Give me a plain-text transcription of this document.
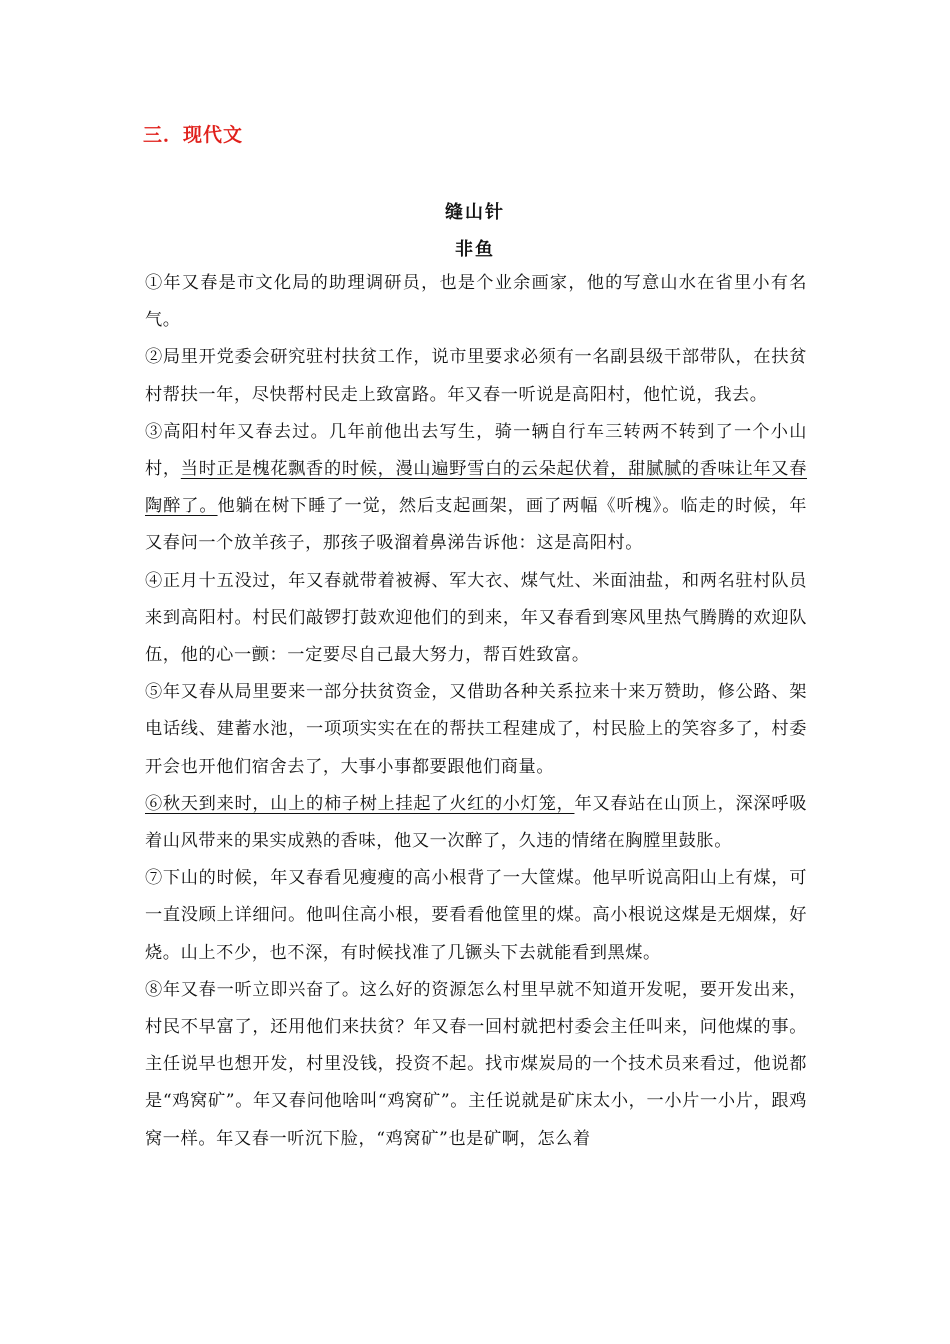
三．现代文
缝山针
非鱼

①年又春是市文化局的助理调研员，也是个业余画家，他的写意山水在省里小有名气。

②局里开党委会研究驻村扶贫工作，说市里要求必须有一名副县级干部带队，在扶贫村帮扶一年，尽快帮村民走上致富路。年又春一听说是高阳村，他忙说，我去。

③高阳村年又春去过。几年前他出去写生，骑一辆自行车三转两不转到了一个小山村，当时正是槐花飘香的时候，漫山遍野雪白的云朵起伏着，甜腻腻的香味让年又春陶醉了。他躺在树下睡了一觉，然后支起画架，画了两幅《听槐》。临走的时候，年又春问一个放羊孩子，那孩子吸溜着鼻涕告诉他：这是高阳村。

④正月十五没过，年又春就带着被褥、军大衣、煤气灶、米面油盐，和两名驻村队员来到高阳村。村民们敲锣打鼓欢迎他们的到来，年又春看到寒风里热气腾腾的欢迎队伍，他的心一颤：一定要尽自己最大努力，帮百姓致富。

⑤年又春从局里要来一部分扶贫资金，又借助各种关系拉来十来万赞助，修公路、架电话线、建蓄水池，一项项实实在在的帮扶工程建成了，村民脸上的笑容多了，村委开会也开他们宿舍去了，大事小事都要跟他们商量。

⑥秋天到来时，山上的柿子树上挂起了火红的小灯笼，年又春站在山顶上，深深呼吸着山风带来的果实成熟的香味，他又一次醉了，久违的情绪在胸膛里鼓胀。

⑦下山的时候，年又春看见瘦瘦的高小根背了一大筐煤。他早听说高阳山上有煤，可一直没顾上详细问。他叫住高小根，要看看他筐里的煤。高小根说这煤是无烟煤，好烧。山上不少，也不深，有时候找准了几镢头下去就能看到黑煤。

⑧年又春一听立即兴奋了。这么好的资源怎么村里早就不知道开发呢，要开发出来，村民不早富了，还用他们来扶贫？年又春一回村就把村委会主任叫来，问他煤的事。主任说早也想开发，村里没钱，投资不起。找市煤炭局的一个技术员来看过，他说都是“鸡窝矿”。年又春问他啥叫“鸡窝矿”。主任说就是矿床太小，一小片一小片，跟鸡窝一样。年又春一听沉下脸，“鸡窝矿”也是矿啊，怎么着
